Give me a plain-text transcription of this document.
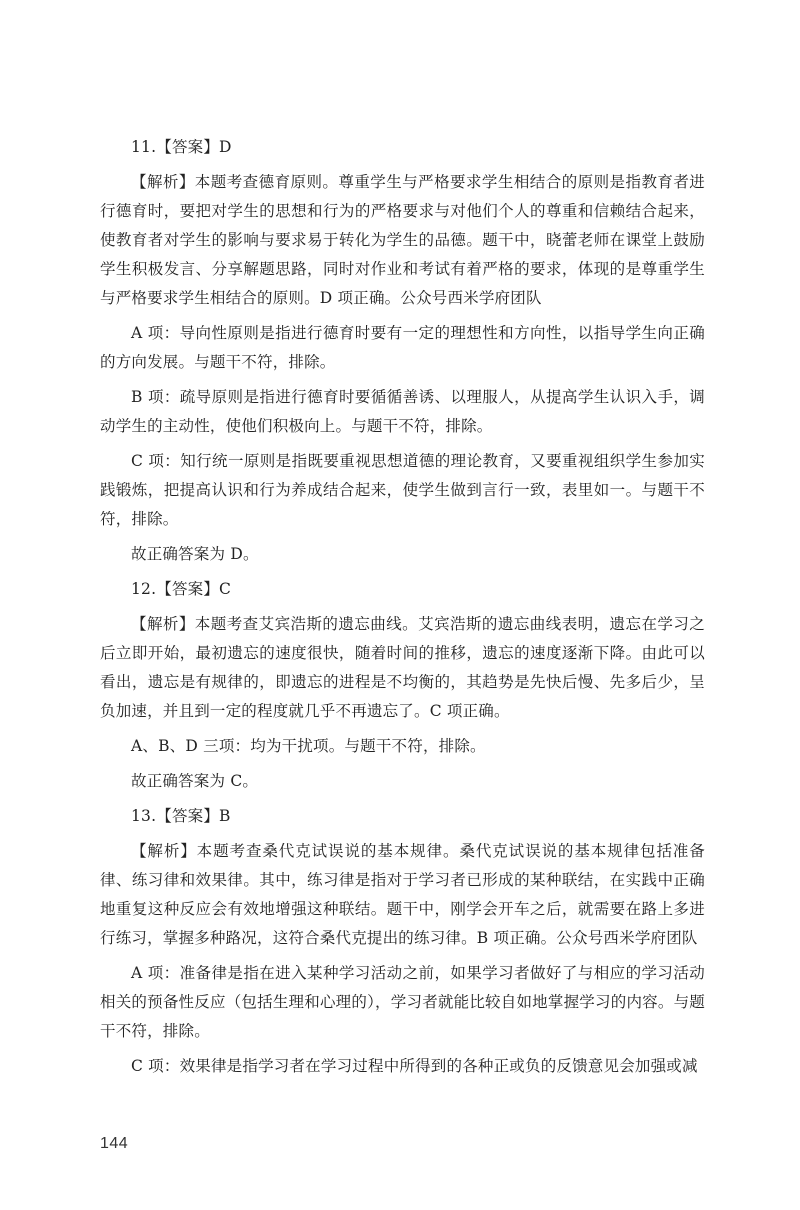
11.【答案】D

【解析】本题考查德育原则。尊重学生与严格要求学生相结合的原则是指教育者进行德育时，要把对学生的思想和行为的严格要求与对他们个人的尊重和信赖结合起来，使教育者对学生的影响与要求易于转化为学生的品德。题干中，晓蕾老师在课堂上鼓励学生积极发言、分享解题思路，同时对作业和考试有着严格的要求，体现的是尊重学生与严格要求学生相结合的原则。D 项正确。公众号西米学府团队

A 项：导向性原则是指进行德育时要有一定的理想性和方向性，以指导学生向正确的方向发展。与题干不符，排除。

B 项：疏导原则是指进行德育时要循循善诱、以理服人，从提高学生认识入手，调动学生的主动性，使他们积极向上。与题干不符，排除。

C 项：知行统一原则是指既要重视思想道德的理论教育，又要重视组织学生参加实践锻炼，把提高认识和行为养成结合起来，使学生做到言行一致，表里如一。与题干不符，排除。

故正确答案为 D。

12.【答案】C

【解析】本题考查艾宾浩斯的遗忘曲线。艾宾浩斯的遗忘曲线表明，遗忘在学习之后立即开始，最初遗忘的速度很快，随着时间的推移，遗忘的速度逐渐下降。由此可以看出，遗忘是有规律的，即遗忘的进程是不均衡的，其趋势是先快后慢、先多后少，呈负加速，并且到一定的程度就几乎不再遗忘了。C 项正确。

A、B、D 三项：均为干扰项。与题干不符，排除。

故正确答案为 C。

13.【答案】B

【解析】本题考查桑代克试误说的基本规律。桑代克试误说的基本规律包括准备律、练习律和效果律。其中，练习律是指对于学习者已形成的某种联结，在实践中正确地重复这种反应会有效地增强这种联结。题干中，刚学会开车之后，就需要在路上多进行练习，掌握多种路况，这符合桑代克提出的练习律。B 项正确。公众号西米学府团队

A 项：准备律是指在进入某种学习活动之前，如果学习者做好了与相应的学习活动相关的预备性反应（包括生理和心理的），学习者就能比较自如地掌握学习的内容。与题干不符，排除。

C 项：效果律是指学习者在学习过程中所得到的各种正或负的反馈意见会加强或减

144
